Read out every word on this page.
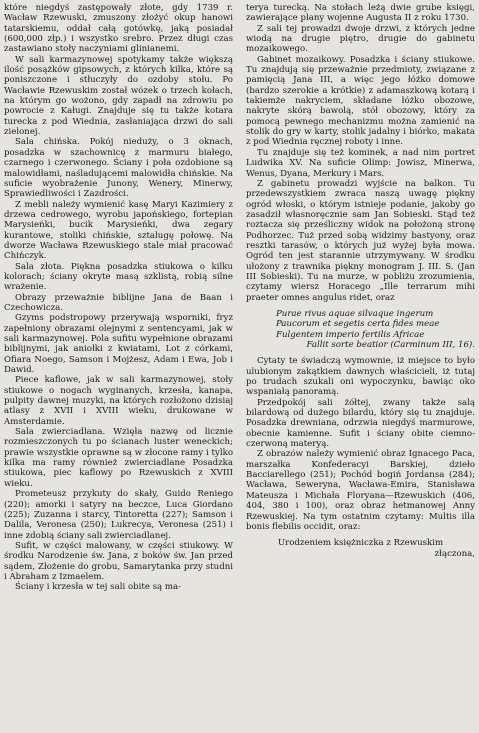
które niegdyś zastępowały złote, gdy 1739 r. Wacław Rzewuski, zmuszony złożyć okup hanowi tatarskiemu, oddał całą gotówkę, jaką posiadał (600,000 złp.) i wszystko srebro. Przez długi czas zastawiano stoły naczyniami glinianemi.

W sali karmazynowej spotykamy także większą ilość posążków gipsowych, z których kilka, które są poniszczone i stłuczyły do ozdoby stołu. Po Wacławie Rzewuskim został wózek o trzech kołach, na którym go wożono, gdy zapadł na zdrowiu po powrocie z Kaługi. Znajduje się tu także kotara turecka z pod Wiednia, zasłaniająca drzwi do sali zielonej.

Sala chińska. Pokój nieduży, o 3 oknach, posadzka w szachownicę z marmuru białego, czarnego i czerwonego. Ściany i poła ozdobione są malowidłami, naśladującemi malowidła chińskie. Na suficie wyobrażenie Junony, Wenery, Minerwy, Sprawiedliwości i Zazdrości.

Z mebli należy wymienić kasę Maryi Kazimiery z drzewa cedrowego, wyrobu japońskiego, fortepian Marysieńki, bucik Marysieńki, dwa zegary kurantowe, stoliki chińskie, sztalugę połowę. Na dworze Wacława Rzewuskiego stale miał pracować Chińczyk.

Sala złota. Piękna posadzka stiukowa o kilku kolorach; ściany okryte masą szklistą, robią silne wrażenie.

Obrazy przeważnie biblijne Jana de Baan i Czechowicza.

Gzyms podstropowy przerywają wsporniki, fryz zapełniony obrazami olejnymi z sentencyami, jak w sali karmazynowej. Pola sufitu wypełnione obrazami biblijnymi, jak aniołki z kwiatami, Lot z córkami, Ofiara Noego, Samson i Mojżesz, Adam i Ewa, Job i Dawid.

Piece kaflowe, jak w sali karmazynowej, stoły stiukowe o nogach wyginanych, krzesła, kanapa, pulpity dawnej muzyki, na których rozłożono dzisiaj atlasy z XVII i XVIII wieku, drukowane w Amsterdamie.

Sala zwierciadlana. Wzięła nazwę od licznie rozmieszczonych tu po ścianach luster weneckich; prawie wszystkie oprawne są w złocone ramy i tylko kilka ma ramy również zwierciadlane Posadzka stiukowa, piec kaflowy po Rzewuskich z XVIII wieku.

Prometeusz przykuty do skały, Guido Reniego (220); amorki i satyry na beczce, Luca Giordano (225); Zuzanna i starcy, Tintoretta (227); Samson i Dalila, Veronesa (250); Lukrecya, Veronesa (251) i inne zdobią ściany sali zwierciadlanej.

Sufit, w części malowany, w części stiukowy. W środku Narodzenie św. Jana, z boków św. Jan przed sądem, Złożenie do grobu, Samarytanka przy studni i Abraham z Izmaelem.

Ściany i krzesła w tej sali obite są ma-

terya turecką. Na stołach leżą dwie grube księgi, zawierające plany wojenne Augusta II z roku 1730.

Z sali tej prowadzi dwoje drzwi, z których jedne wiodą na drugie piętro, drugie do gabinetu mozaikowego.

Gabinet mozaikowy. Posadzka i ściany stiukowe. Tu znajdują się przeważnie przedmioty, związane z pamięcią Jana III, a więc jego łóżko domowe (bardzo szerokie a krótkie) z adamaszkową kotarą i takiemże nakryciem, składane łóżko obozowe, nakryte skórą bawolą, stół obozowy, który za pomocą pewnego mechanizmu można zamienić na stolik do gry w karty, stolik jadalny i biórko, makata z pod Wiednia ręcznej roboty i inne.

Tu znajduje się też kominek, a nad nim portret Ludwika XV. Na suficie Olimp: Jowisz, Minerwa, Wenus, Dyana, Merkury i Mars.

Z gabinetu prowadzi wyjście na balkon. Tu przedewszystkiem zwraca naszą uwagę piękny ogród włoski, o którym istnieje podanie, jakoby go zasadził własnoręcznie sam Jan Sobieski. Stąd też roztacza się prześliczny widok na położoną stronę Podhorzec. Tuż przed sobą widzimy bastyony, oraz resztki tarasów, o których już wyżej była mowa. Ogród ten jest starannie utrzymywany. W środku ułożony z trawnika piękny monogram J. III. S. (Jan III Sobieski). Tu na murze, w pobliżu zrozumienia, czytamy wiersz Horacego „Ille terrarum mihi praeter omnes angulus ridet, oraz

Purae rivus aquae silvaque ingerum

Paucorum et segetis certa fides meae

Fulgentem imperio fertilis Africae

Fallit sorte beatior (Carminum III, 16).

Cytaty te świadczą wymownie, iż miejsce to było ulubionym zakątkiem dawnych właścicieli, iż tutaj po trudach szukali oni wypoczynku, bawiąc oko wspaniałą panoramą.

Przedpokój sali żółtej, zwany także salą bilardową od dużego bilardu, który się tu znajduje. Posadzka drewniana, odrzwia niegdyś marmurowe, obecnie kamienne. Sufit i ściany obite ciemno-czerwoną materyą.

Z obrazów należy wymienić obraz Ignacego Paca, marszałka Konfederacyi Barskiej, dzieło Bacciarellego (251); Pochód bogiń Jordansa (284); Wacława, Seweryna, Wacława-Emira, Stanisława Mateusza i Michała Floryana—Rzewuskich (406, 404, 380 i 100), oraz obraz hetmanowej Anny Rzewuskiej. Na tym ostatnim czytamy: Multis illa bonis flebilis occidit, oraz:

Urodzeniem księżniczka z Rzewuskim

złączona,
